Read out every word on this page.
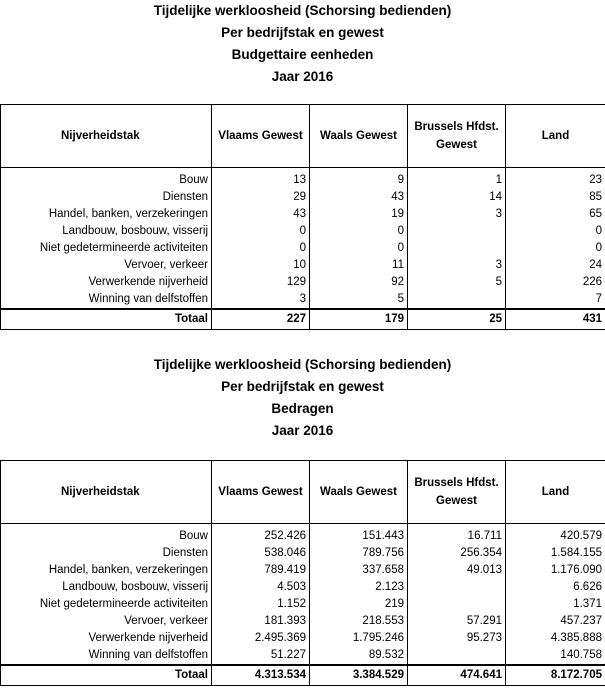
Tijdelijke werkloosheid (Schorsing bedienden)
Per bedrijfstak en gewest
Budgettaire eenheden
Jaar 2016
Nijverheidstak	Vlaams Gewest	Waals Gewest	Brussels Hfdst. Gewest	Land

Bouw	13	9	1	23
Diensten	29	43	14	85
Handel, banken, verzekeringen	43	19	3	65
Landbouw, bosbouw, visserij	0	0		0
Niet gedetermineerde activiteiten	0	0		0
Vervoer, verkeer	10	11	3	24
Verwerkende nijverheid	129	92	5	226
Winning van delfstoffen	3	5		7
Totaal	227	179	25	431
Tijdelijke werkloosheid (Schorsing bedienden)
Per bedrijfstak en gewest
Bedragen
Jaar 2016
Nijverheidstak	Vlaams Gewest	Waals Gewest	Brussels Hfdst. Gewest	Land

Bouw	252.426	151.443	16.711	420.579
Diensten	538.046	789.756	256.354	1.584.155
Handel, banken, verzekeringen	789.419	337.658	49.013	1.176.090
Landbouw, bosbouw, visserij	4.503	2.123		6.626
Niet gedetermineerde activiteiten	1.152	219		1.371
Vervoer, verkeer	181.393	218.553	57.291	457.237
Verwerkende nijverheid	2.495.369	1.795.246	95.273	4.385.888
Winning van delfstoffen	51.227	89.532		140.758
Totaal	4.313.534	3.384.529	474.641	8.172.705
